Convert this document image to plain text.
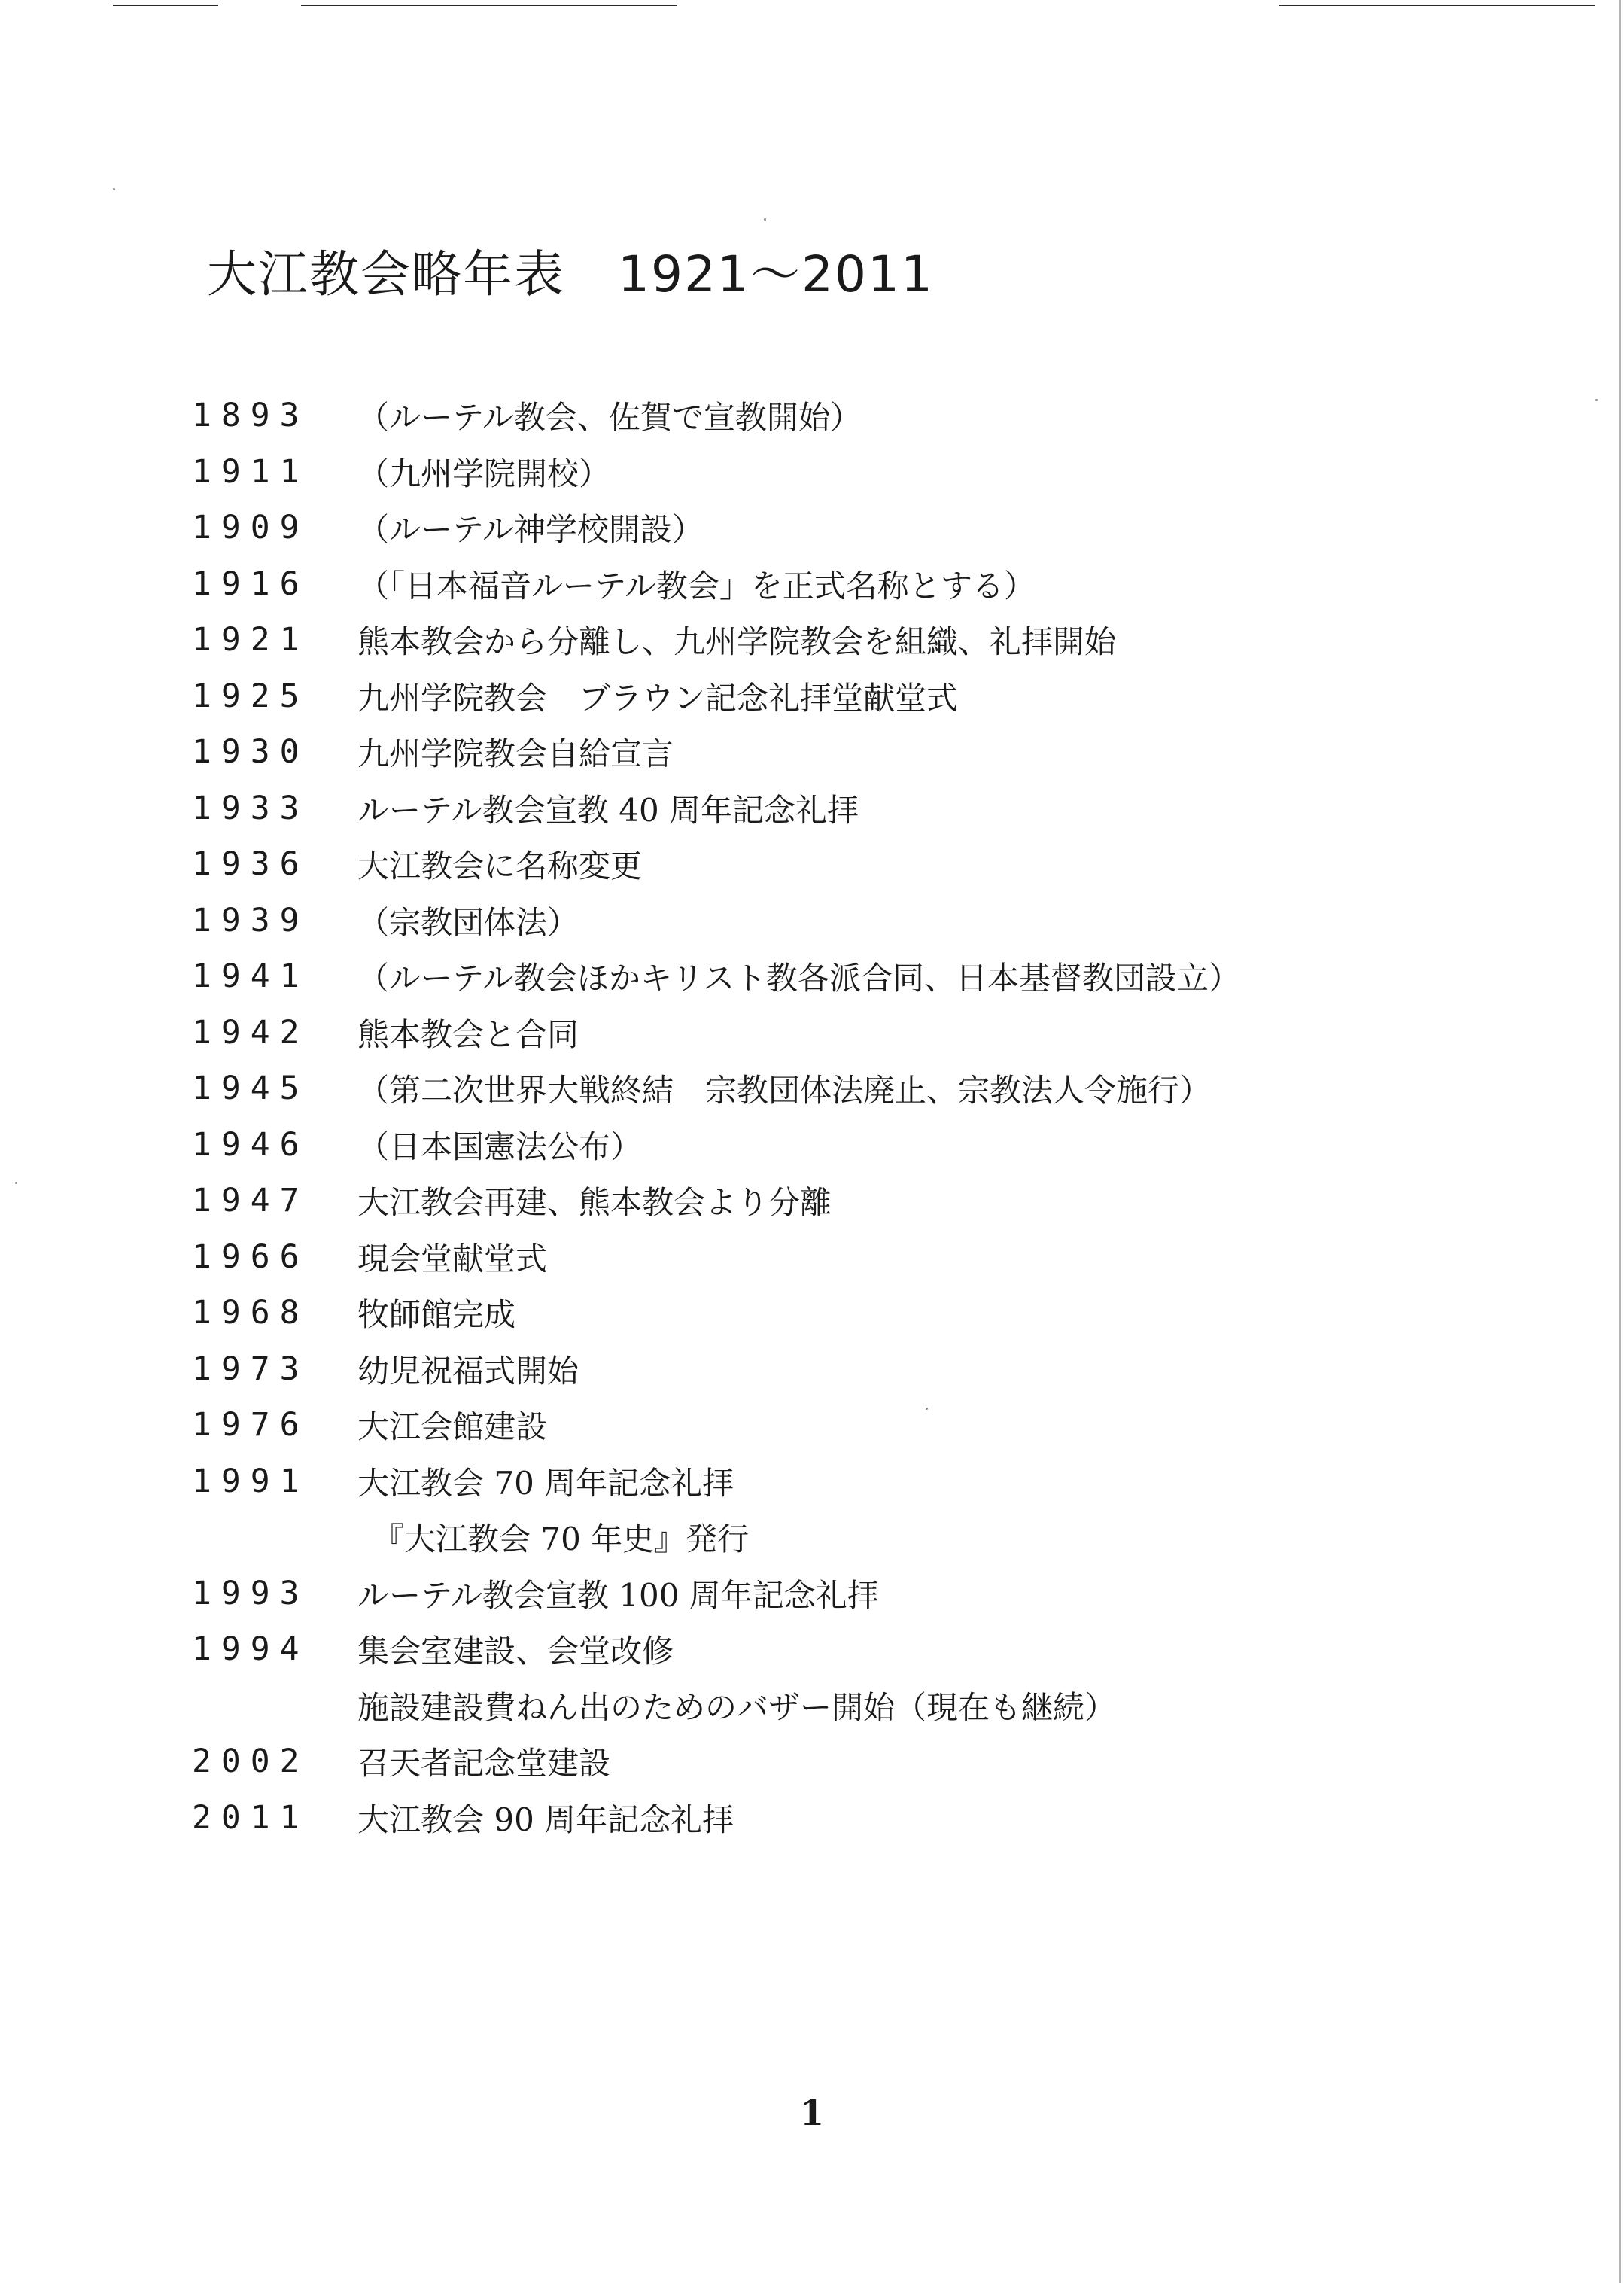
大江教会略年表 1921～2011
1893	（ルーテル教会、佐賀で宣教開始）
1911	（九州学院開校）
1909	（ルーテル神学校開設）
1916	（「日本福音ルーテル教会」を正式名称とする）
1921	熊本教会から分離し、九州学院教会を組織、礼拝開始
1925	九州学院教会　ブラウン記念礼拝堂献堂式
1930	九州学院教会自給宣言
1933	ルーテル教会宣教 40 周年記念礼拝
1936	大江教会に名称変更
1939	（宗教団体法）
1941	（ルーテル教会ほかキリスト教各派合同、日本基督教団設立）
1942	熊本教会と合同
1945	（第二次世界大戦終結　宗教団体法廃止、宗教法人令施行）
1946	（日本国憲法公布）
1947	大江教会再建、熊本教会より分離
1966	現会堂献堂式
1968	牧師館完成
1973	幼児祝福式開始
1976	大江会館建設
1991	大江教会 70 周年記念礼拝
『大江教会 70 年史』発行
1993	ルーテル教会宣教 100 周年記念礼拝
1994	集会室建設、会堂改修
施設建設費ねん出のためのバザー開始（現在も継続）
2002	召天者記念堂建設
2011	大江教会 90 周年記念礼拝
1
